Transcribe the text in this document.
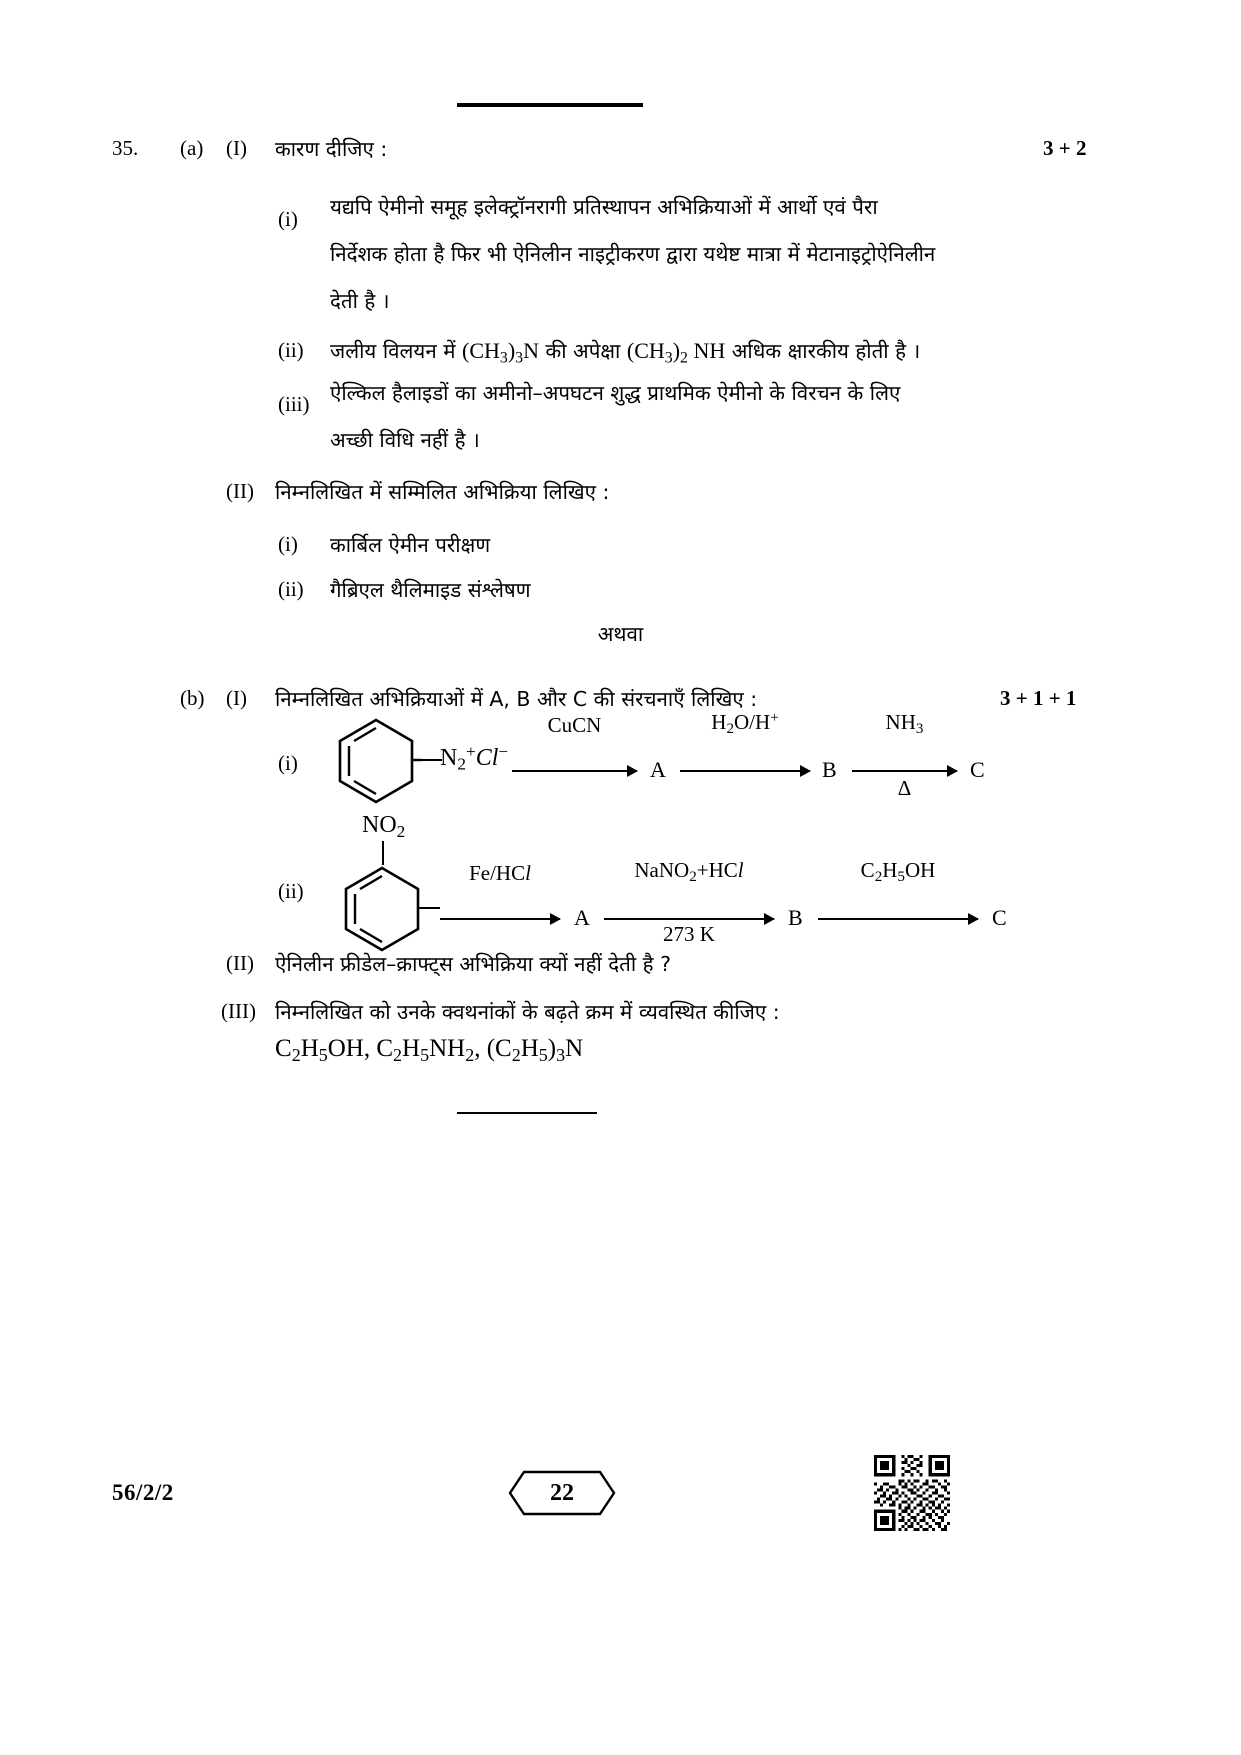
35. (a) (I) कारण दीजिए :	3 + 2
(i) यद्यपि ऐमीनो समूह इलेक्ट्रॉनरागी प्रतिस्थापन अभिक्रियाओं में आर्थो एवं पैरा
निर्देशक होता है फिर भी ऐनिलीन नाइट्रीकरण द्वारा यथेष्ट मात्रा में मेटानाइट्रोऐनिलीन
देती है ।
(ii) जलीय विलयन में $(CH_3)_3N$ की अपेक्षा $(CH_3)_2$ NH अधिक क्षारकीय होती है ।
(iii) ऐल्किल हैलाइडों का अमीनो–अपघटन शुद्ध प्राथमिक ऐमीनो के विरचन के लिए
अच्छी विधि नहीं है ।
(II) निम्नलिखित में सम्मिलित अभिक्रिया लिखिए :
(i) कार्बिल ऐमीन परीक्षण
(ii) गैब्रिएल थैलिमाइड संश्लेषण
अथवा
(b) (I) निम्नलिखित अभिक्रियाओं में A, B और C की संरचनाएँ लिखिए :	3 + 1 + 1
(i)	$N_2^+Cl^-$
CuCN
A
$H_2O/H^+$
B
$NH_3$
Δ
C
(ii)
$NO_2$
Fe/HCl
A
NaNO$_2$+HCl
273 K
B
$C_2H_5OH$
C
(II) ऐनिलीन फ्रीडेल–क्राफ्ट्स अभिक्रिया क्यों नहीं देती है ?
(III) निम्नलिखित को उनके क्वथनांकों के बढ़ते क्रम में व्यवस्थित कीजिए :
$C_2H_5OH$, $C_2H_5NH_2$, $(C_2H_5)_3N$
56/2/2	22
